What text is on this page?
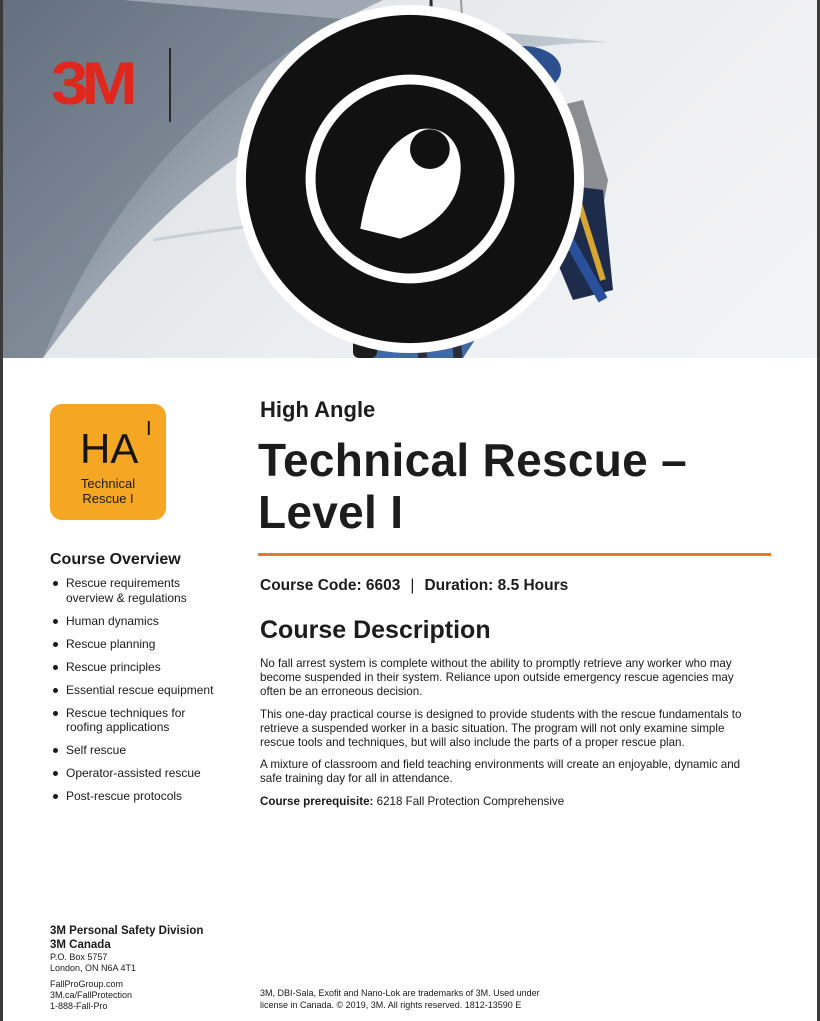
3M
HA I
Technical
Rescue I
Course Overview
Rescue requirements
overview & regulations
Human dynamics
Rescue planning
Rescue principles
Essential rescue equipment
Rescue techniques for
roofing applications
Self rescue
Operator-assisted rescue
Post-rescue protocols
High Angle
Technical Rescue –
Level I
Course Code: 6603 | Duration: 8.5 Hours
Course Description

No fall arrest system is complete without the ability to promptly retrieve any worker who may become suspended in their system. Reliance upon outside emergency rescue agencies may often be an erroneous decision.

This one-day practical course is designed to provide students with the rescue fundamentals to retrieve a suspended worker in a basic situation. The program will not only examine simple rescue tools and techniques, but will also include the parts of a proper rescue plan.

A mixture of classroom and field teaching environments will create an enjoyable, dynamic and safe training day for all in attendance.

Course prerequisite: 6218 Fall Protection Comprehensive
3M Personal Safety Division
3M Canada
P.O. Box 5757
London, ON N6A 4T1
FallProGroup.com
3M.ca/FallProtection
1-888-Fall-Pro
3M, DBI-Sala, Exofit and Nano-Lok are trademarks of 3M. Used under
license in Canada. © 2019, 3M. All rights reserved. 1812-13590 E
